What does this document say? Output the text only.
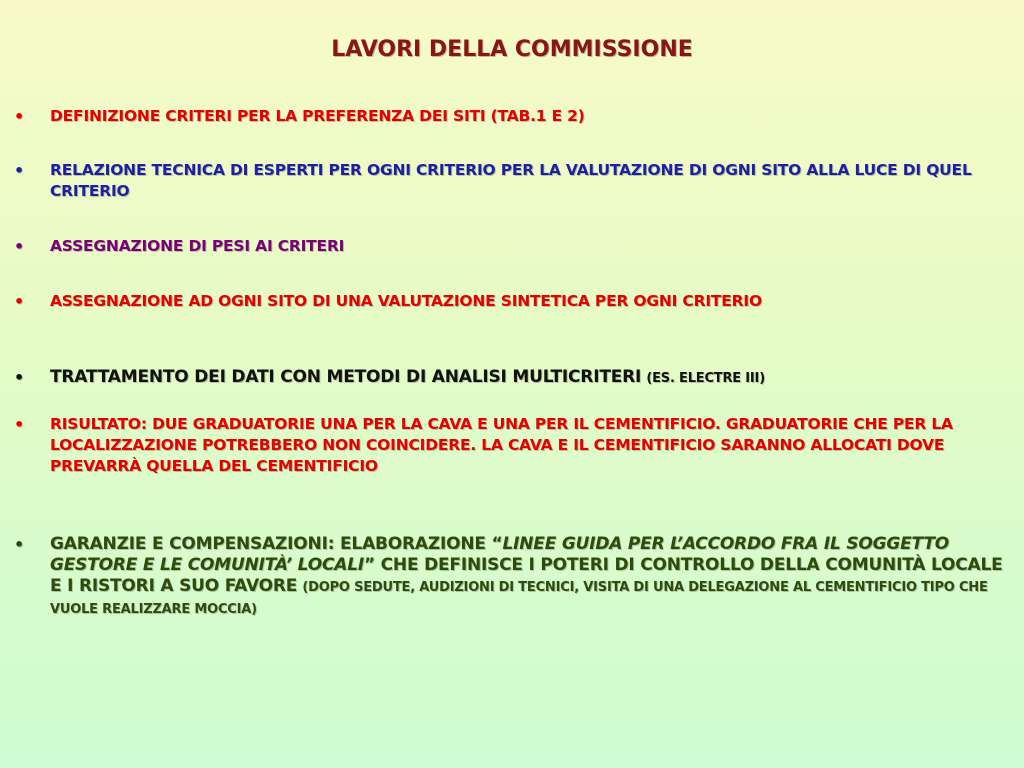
LAVORI DELLA COMMISSIONE
•	DEFINIZIONE CRITERI PER LA PREFERENZA DEI SITI (TAB.1 E 2)
•	RELAZIONE TECNICA DI ESPERTI PER OGNI CRITERIO PER LA VALUTAZIONE DI OGNI SITO ALLA LUCE DI QUEL CRITERIO
•	ASSEGNAZIONE DI PESI AI CRITERI
•	ASSEGNAZIONE AD OGNI SITO DI UNA VALUTAZIONE SINTETICA PER OGNI CRITERIO
•	TRATTAMENTO DEI DATI CON METODI DI ANALISI MULTICRITERI (ES. ELECTRE III)
•	RISULTATO: DUE GRADUATORIE UNA PER LA CAVA E UNA PER IL CEMENTIFICIO. GRADUATORIE CHE PER LA LOCALIZZAZIONE POTREBBERO NON COINCIDERE. LA CAVA E IL CEMENTIFICIO SARANNO ALLOCATI DOVE PREVARRÀ QUELLA DEL CEMENTIFICIO
•	GARANZIE E COMPENSAZIONI: ELABORAZIONE “LINEE GUIDA PER L’ACCORDO FRA IL SOGGETTO GESTORE E LE COMUNITÀ’ LOCALI” CHE DEFINISCE I POTERI DI CONTROLLO DELLA COMUNITÀ LOCALE E I RISTORI A SUO FAVORE (DOPO SEDUTE, AUDIZIONI DI TECNICI, VISITA DI UNA DELEGAZIONE AL CEMENTIFICIO TIPO CHE VUOLE REALIZZARE MOCCIA)
